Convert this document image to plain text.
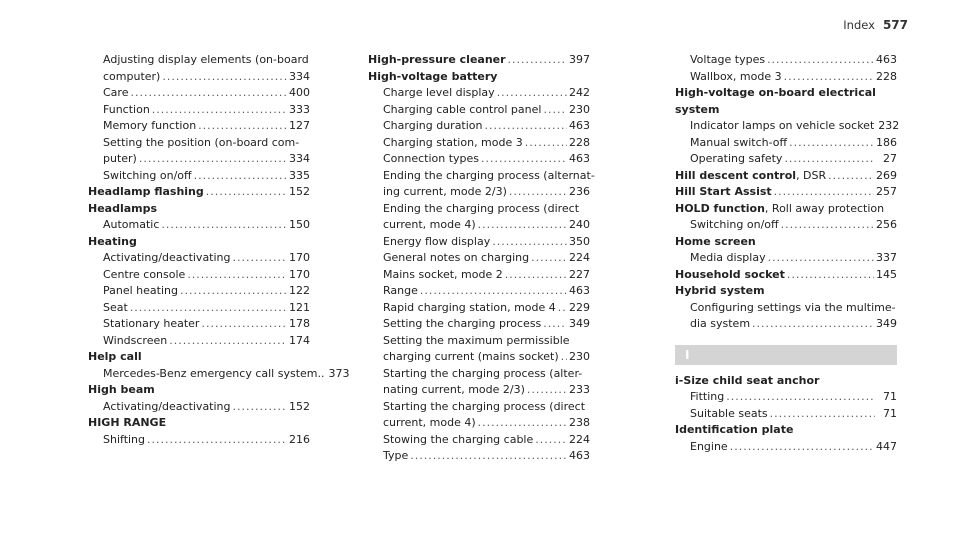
Index 577
Adjusting display elements (on-board
computer) .....	334
Care .....	400
Function .....	333
Memory function .....	127
Setting the position (on-board com-
puter) .....	334
Switching on/off .....	335
Headlamp flashing .....	152
Headlamps
Automatic .....	150
Heating
Activating/deactivating .....	170
Centre console .....	170
Panel heating .....	122
Seat .....	121
Stationary heater .....	178
Windscreen .....	174
Help call
Mercedes-Benz emergency call system.. 373
High beam
Activating/deactivating .....	152
HIGH RANGE
Shifting .....	216
High-pressure cleaner .....	397
High-voltage battery
Charge level display .....	242
Charging cable control panel .....	230
Charging duration .....	463
Charging station, mode 3 .....	228
Connection types .....	463
Ending the charging process (alternat-
ing current, mode 2/3) .....	236
Ending the charging process (direct
current, mode 4) .....	240
Energy flow display .....	350
General notes on charging .....	224
Mains socket, mode 2 .....	227
Range .....	463
Rapid charging station, mode 4 ..... 229
Setting the charging process .....	349
Setting the maximum permissible
charging current (mains socket) ..... 230
Starting the charging process (alter-
nating current, mode 2/3) .....	233
Starting the charging process (direct
current, mode 4) .....	238
Stowing the charging cable .....	224
Type .....	463
Voltage types .....	463
Wallbox, mode 3 .....	228
High-voltage on-board electrical system
Indicator lamps on vehicle socket 232
Manual switch-off .....	186
Operating safety .....	27
Hill descent control, DSR .....	269
Hill Start Assist .....	257
HOLD function, Roll away protection
Switching on/off .....	256
Home screen
Media display .....	337
Household socket .....	145
Hybrid system
Configuring settings via the multime-
dia system .....	349
I
i-Size child seat anchor
Fitting .....	71
Suitable seats .....	71
Identification plate
Engine .....	447
